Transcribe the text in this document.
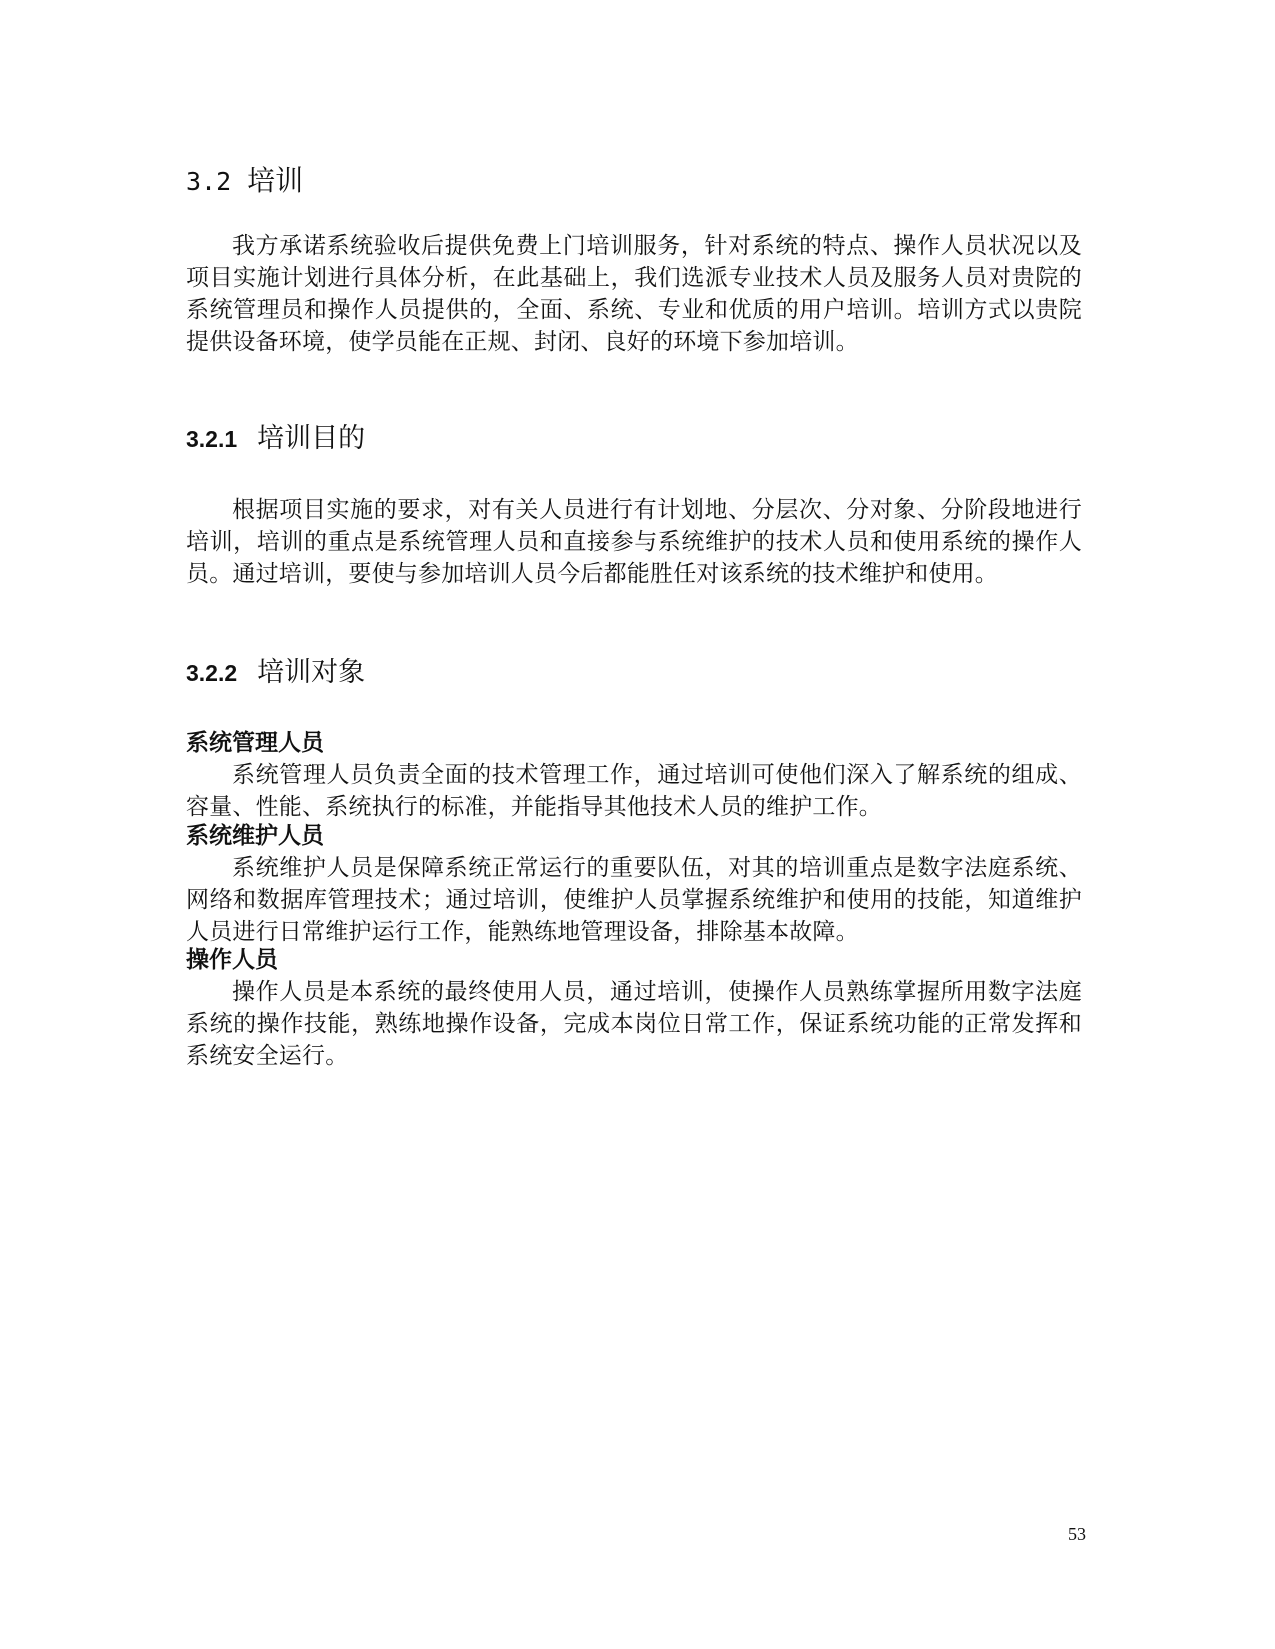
3.2 培训

我方承诺系统验收后提供免费上门培训服务，针对系统的特点、操作人员状况以及项目实施计划进行具体分析，在此基础上，我们选派专业技术人员及服务人员对贵院的系统管理员和操作人员提供的，全面、系统、专业和优质的用户培训。培训方式以贵院提供设备环境，使学员能在正规、封闭、良好的环境下参加培训。

3.2.1 培训目的

根据项目实施的要求，对有关人员进行有计划地、分层次、分对象、分阶段地进行培训，培训的重点是系统管理人员和直接参与系统维护的技术人员和使用系统的操作人员。通过培训，要使与参加培训人员今后都能胜任对该系统的技术维护和使用。

3.2.2 培训对象

系统管理人员

系统管理人员负责全面的技术管理工作，通过培训可使他们深入了解系统的组成、容量、性能、系统执行的标准，并能指导其他技术人员的维护工作。

系统维护人员

系统维护人员是保障系统正常运行的重要队伍，对其的培训重点是数字法庭系统、网络和数据库管理技术；通过培训，使维护人员掌握系统维护和使用的技能，知道维护人员进行日常维护运行工作，能熟练地管理设备，排除基本故障。

操作人员

操作人员是本系统的最终使用人员，通过培训，使操作人员熟练掌握所用数字法庭系统的操作技能，熟练地操作设备，完成本岗位日常工作，保证系统功能的正常发挥和系统安全运行。

53
